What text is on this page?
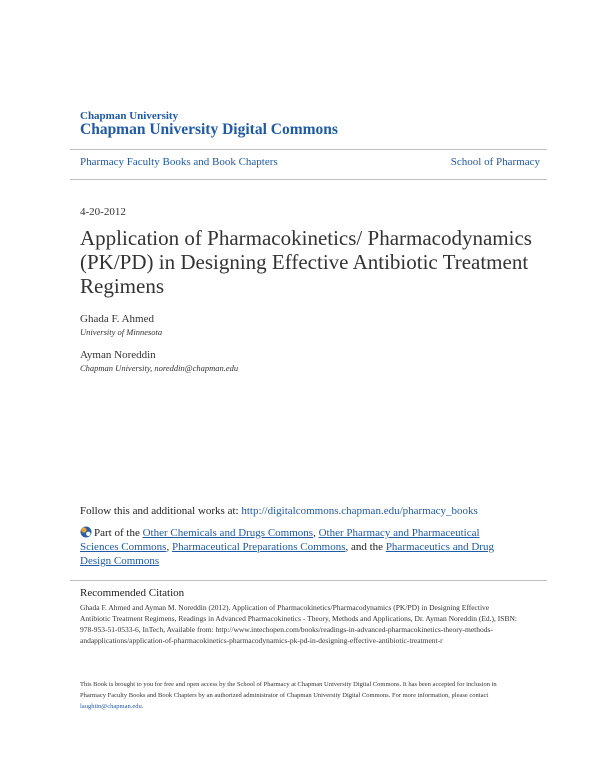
Chapman University
Chapman University Digital Commons
Pharmacy Faculty Books and Book Chapters	School of Pharmacy
4-20-2012
Application of Pharmacokinetics/ Pharmacodynamics (PK/PD) in Designing Effective Antibiotic Treatment Regimens
Ghada F. Ahmed
University of Minnesota
Ayman Noreddin
Chapman University, noreddin@chapman.edu
Follow this and additional works at: http://digitalcommons.chapman.edu/pharmacy_books
Part of the Other Chemicals and Drugs Commons, Other Pharmacy and Pharmaceutical Sciences Commons, Pharmaceutical Preparations Commons, and the Pharmaceutics and Drug Design Commons
Recommended Citation
Ghada F. Ahmed and Ayman M. Noreddin (2012). Application of Pharmacokinetics/Pharmacodynamics (PK/PD) in Designing Effective Antibiotic Treatment Regimens, Readings in Advanced Pharmacokinetics - Theory, Methods and Applications, Dr. Ayman Noreddin (Ed.), ISBN: 978-953-51-0533-6, InTech, Available from: http://www.intechopen.com/books/readings-in-advanced-pharmacokinetics-theory-methods-andapplications/application-of-pharmacokinetics-pharmacodynamics-pk-pd-in-designing-effective-antibiotic-treatment-r
This Book is brought to you for free and open access by the School of Pharmacy at Chapman University Digital Commons. It has been accepted for inclusion in Pharmacy Faculty Books and Book Chapters by an authorized administrator of Chapman University Digital Commons. For more information, please contact laughtin@chapman.edu.
